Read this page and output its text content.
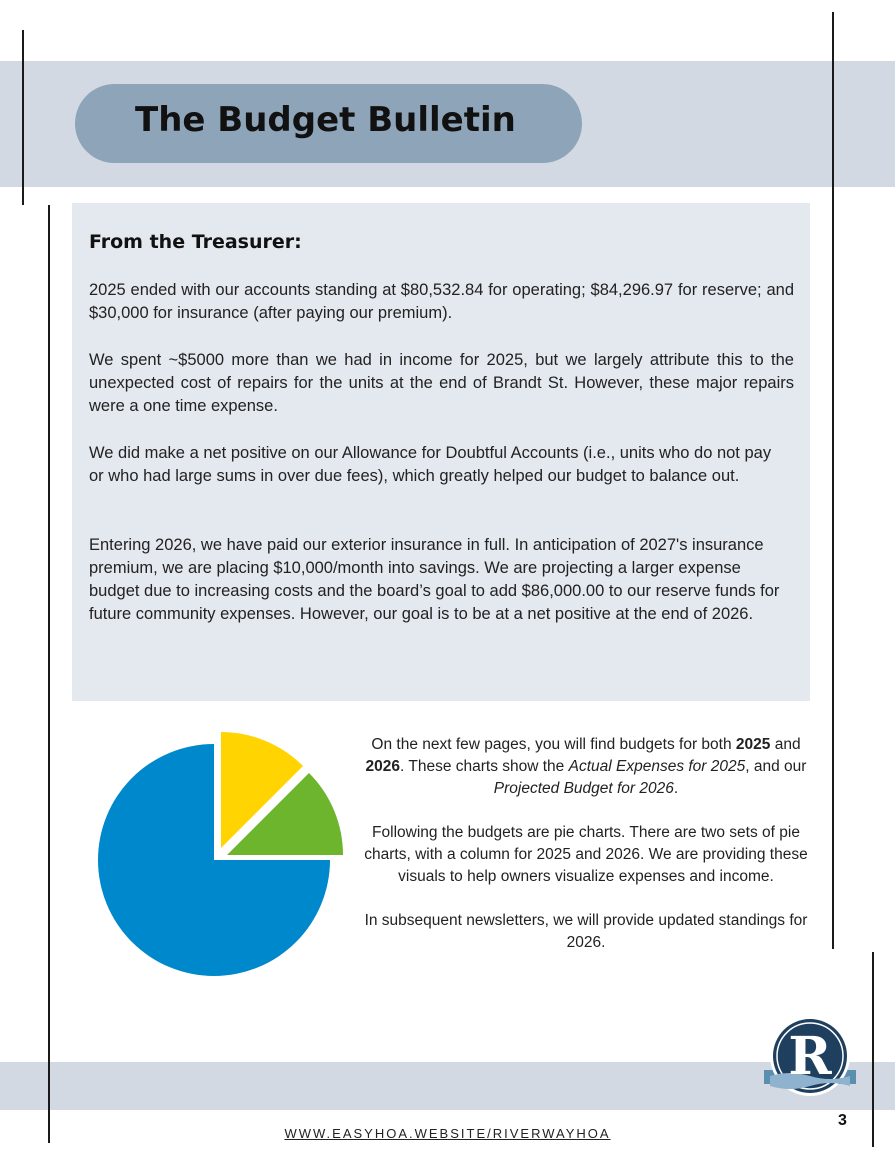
The Budget Bulletin
From the Treasurer:

2025 ended with our accounts standing at $80,532.84 for operating; $84,296.97 for reserve; and $30,000 for insurance (after paying our premium).

We spent ~$5000 more than we had in income for 2025, but we largely attribute this to the unexpected cost of repairs for the units at the end of Brandt St. However, these major repairs were a one time expense.

We did make a net positive on our Allowance for Doubtful Accounts (i.e., units who do not pay or who had large sums in over due fees), which greatly helped our budget to balance out.

Entering 2026, we have paid our exterior insurance in full. In anticipation of 2027's insurance premium, we are placing $10,000/month into savings. We are projecting a larger expense budget due to increasing costs and the board’s goal to add $86,000.00 to our reserve funds for future community expenses. However, our goal is to be at a net positive at the end of 2026.

On the next few pages, you will find budgets for both 2025 and 2026. These charts show the Actual Expenses for 2025, and our Projected Budget for 2026.

Following the budgets are pie charts. There are two sets of pie charts, with a column for 2025 and 2026. We are providing these visuals to help owners visualize expenses and income.

In subsequent newsletters, we will provide updated standings for 2026.

R
3
WWW.EASYHOA.WEBSITE/RIVERWAYHOA
